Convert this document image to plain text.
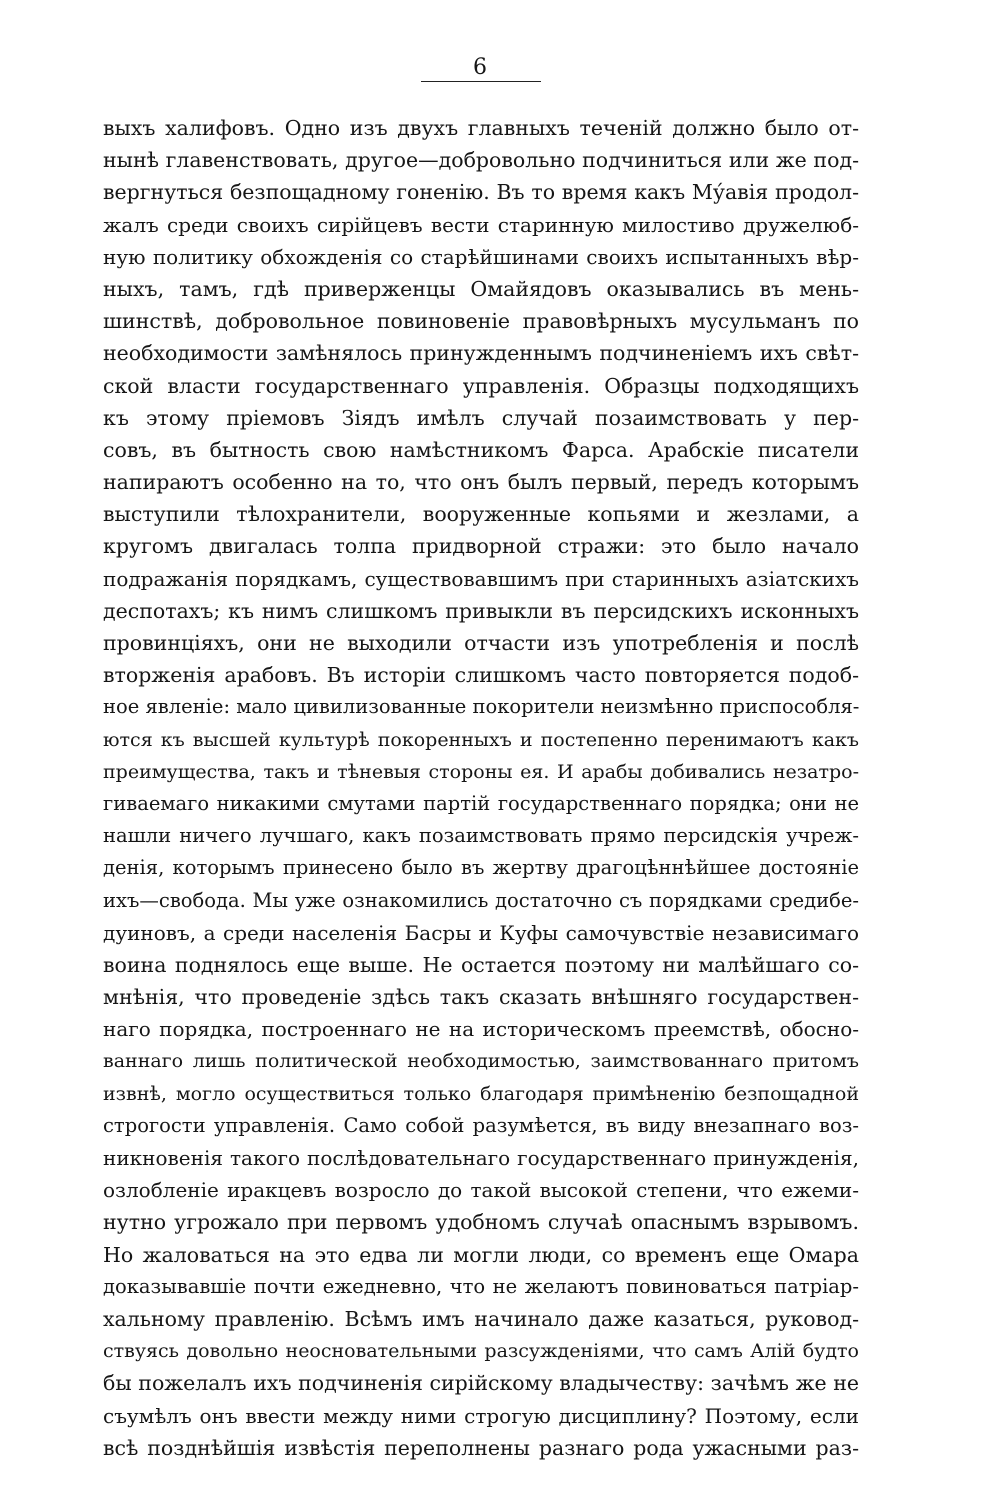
6
выхъ халифовъ. Одно изъ двухъ главныхъ теченій должно было от-
нынѣ главенствовать, другое—добровольно подчиниться или же под-
вергнуться безпощадному гоненію. Въ то время какъ Му́авія продол-
жалъ среди своихъ сирійцевъ вести старинную милостиво дружелюб-
ную политику обхожденія со старѣйшинами своихъ испытанныхъ вѣр-
ныхъ, тамъ, гдѣ приверженцы Омайядовъ оказывались въ мень-
шинствѣ, добровольное повиновеніе правовѣрныхъ мусульманъ по
необходимости замѣнялось принужденнымъ подчиненіемъ ихъ свѣт-
ской власти государственнаго управленія. Образцы подходящихъ
къ этому пріемовъ Зіядъ имѣлъ случай позаимствовать у пер-
совъ, въ бытность свою намѣстникомъ Фарса. Арабскіе писатели
напираютъ особенно на то, что онъ былъ первый, передъ которымъ
выступили тѣлохранители, вооруженные копьями и жезлами, а
кругомъ двигалась толпа придворной стражи: это было начало
подражанія порядкамъ, существовавшимъ при старинныхъ азіатскихъ
деспотахъ; къ нимъ слишкомъ привыкли въ персидскихъ исконныхъ
провинціяхъ, они не выходили отчасти изъ употребленія и послѣ
вторженія арабовъ. Въ исторіи слишкомъ часто повторяется подоб-
ное явленіе: мало цивилизованные покорители неизмѣнно приспособля-
ются къ высшей культурѣ покоренныхъ и постепенно перенимаютъ какъ
преимущества, такъ и тѣневыя стороны ея. И арабы добивались незатро-
гиваемаго никакими смутами партій государственнаго порядка; они не
нашли ничего лучшаго, какъ позаимствовать прямо персидскія учреж-
денія, которымъ принесено было въ жертву драгоцѣннѣйшее достояніе
ихъ—свобода. Мы уже ознакомились достаточно съ порядками средибе-
дуиновъ, а среди населенія Басры и Куфы самочувствіе независимаго
воина поднялось еще выше. Не остается поэтому ни малѣйшаго со-
мнѣнія, что проведеніе здѣсь такъ сказать внѣшняго государствен-
наго порядка, построеннаго не на историческомъ преемствѣ, обосно-
ваннаго лишь политической необходимостью, заимствованнаго притомъ
извнѣ, могло осуществиться только благодаря примѣненію безпощадной
строгости управленія. Само собой разумѣется, въ виду внезапнаго воз-
никновенія такого послѣдовательнаго государственнаго принужденія,
озлобленіе иракцевъ возросло до такой высокой степени, что ежеми-
нутно угрожало при первомъ удобномъ случаѣ опаснымъ взрывомъ.
Но жаловаться на это едва ли могли люди, со временъ еще Омара
доказывавшіе почти ежедневно, что не желаютъ повиноваться патріар-
хальному правленію. Всѣмъ имъ начинало даже казаться, руковод-
ствуясь довольно неосновательными разсужденіями, что самъ Алій будто
бы пожелалъ ихъ подчиненія сирійскому владычеству: зачѣмъ же не
съумѣлъ онъ ввести между ними строгую дисциплину? Поэтому, если
всѣ позднѣйшія извѣстія переполнены разнаго рода ужасными раз-
